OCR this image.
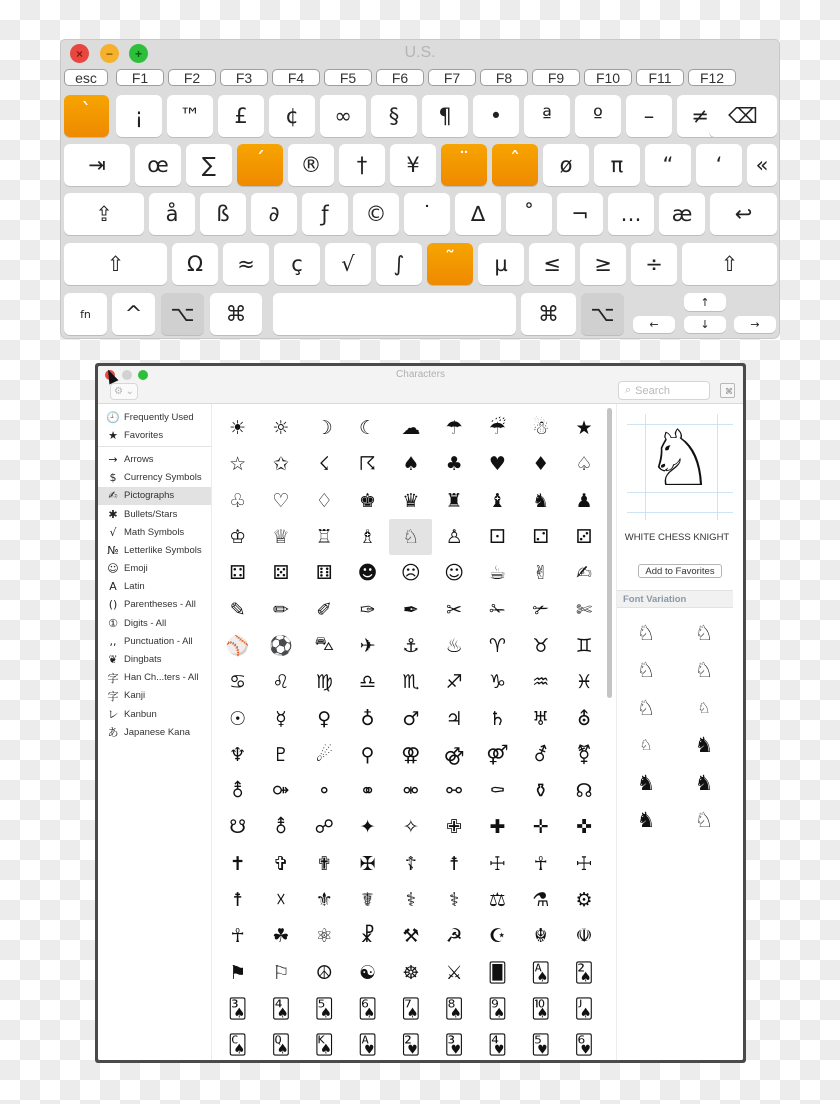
×	−	+	U.S.
esc	F1	F2	F3	F4	F5	F6	F7	F8	F9	F10	F11	F12
`	¡	™	£	¢	∞	§	¶	•	ª	º	–	≠ ⌫
⇥	œ	∑	´	®	†	¥	¨	ˆ	ø	π	“	‘	«
⇪	å	ß	∂	ƒ	©	˙	∆	˚	¬	…	æ	↩
⇧	Ω	≈	ç	√	∫	˜	µ	≤	≥	÷	⇧
fn	^	⌥	⌘	⌘	⌥	↑
←	↓	→
Characters
⚙ ⌄	⌕
Search	⌘
🕘 Frequently Used
★ Favorites
→ Arrows
$ Currency Symbols
✍ Pictographs
✱ Bullets/Stars
√ Math Symbols
№ Letterlike Symbols
☺ Emoji
A Latin
() Parentheses - All
① Digits - All
,, Punctuation - All
❦ Dingbats
字 Han Ch...ters - All
字 Kanji
レ Kanbun
あ Japanese Kana
☀	☼	☽	☾	☁	☂	☔	☃	★
☆	✩	☇	☈	♠	♣	♥	♦	♤
♧	♡	♢	♚	♛	♜	♝	♞	♟
♔	♕	♖	♗	♘	♙	⚀	⚁	⚂
⚃	⚄	⚅	☻	☹	☺	☕	✌	✍
✎	✏	✐	✑	✒	✂	✁	✃	✄
⚾	⚽	⛍	✈	⚓	♨	♈	♉	♊
♋	♌	♍	♎	♏	♐	♑	♒	♓
☉	☿	♀	♁	♂	♃	♄	♅	⛢
♆	♇	☄	⚲	⚢	⚣	⚤	⚦	⚧
⚨	⚩	⚬	⚭	⚮	⚯	⚰	⚱	☊
☋	⚨	☍	✦	✧	✙	✚	✛	✜
✝	✞	✟	✠	☦	☨	☩	☥	☩
☨	☓	⚜	☤	⚕	⚕	⚖	⚗	⚙
☥	☘	⚛	☧	⚒	☭	☪	☬	☫
⚑	⚐	☮	☯	☸	⚔	🂠	🂡	🂢
🂣	🂤	🂥	🂦	🂧	🂨	🂩	🂪	🂫
🂬	🂭	🂮	🂱	🂲	🂳	🂴	🂵	🂶
♘
WHITE CHESS KNIGHT
Add to Favorites
Font Variation
♘	♘
♘	♘
♘	♘
♘	♞
♞	♞
♞	♘
